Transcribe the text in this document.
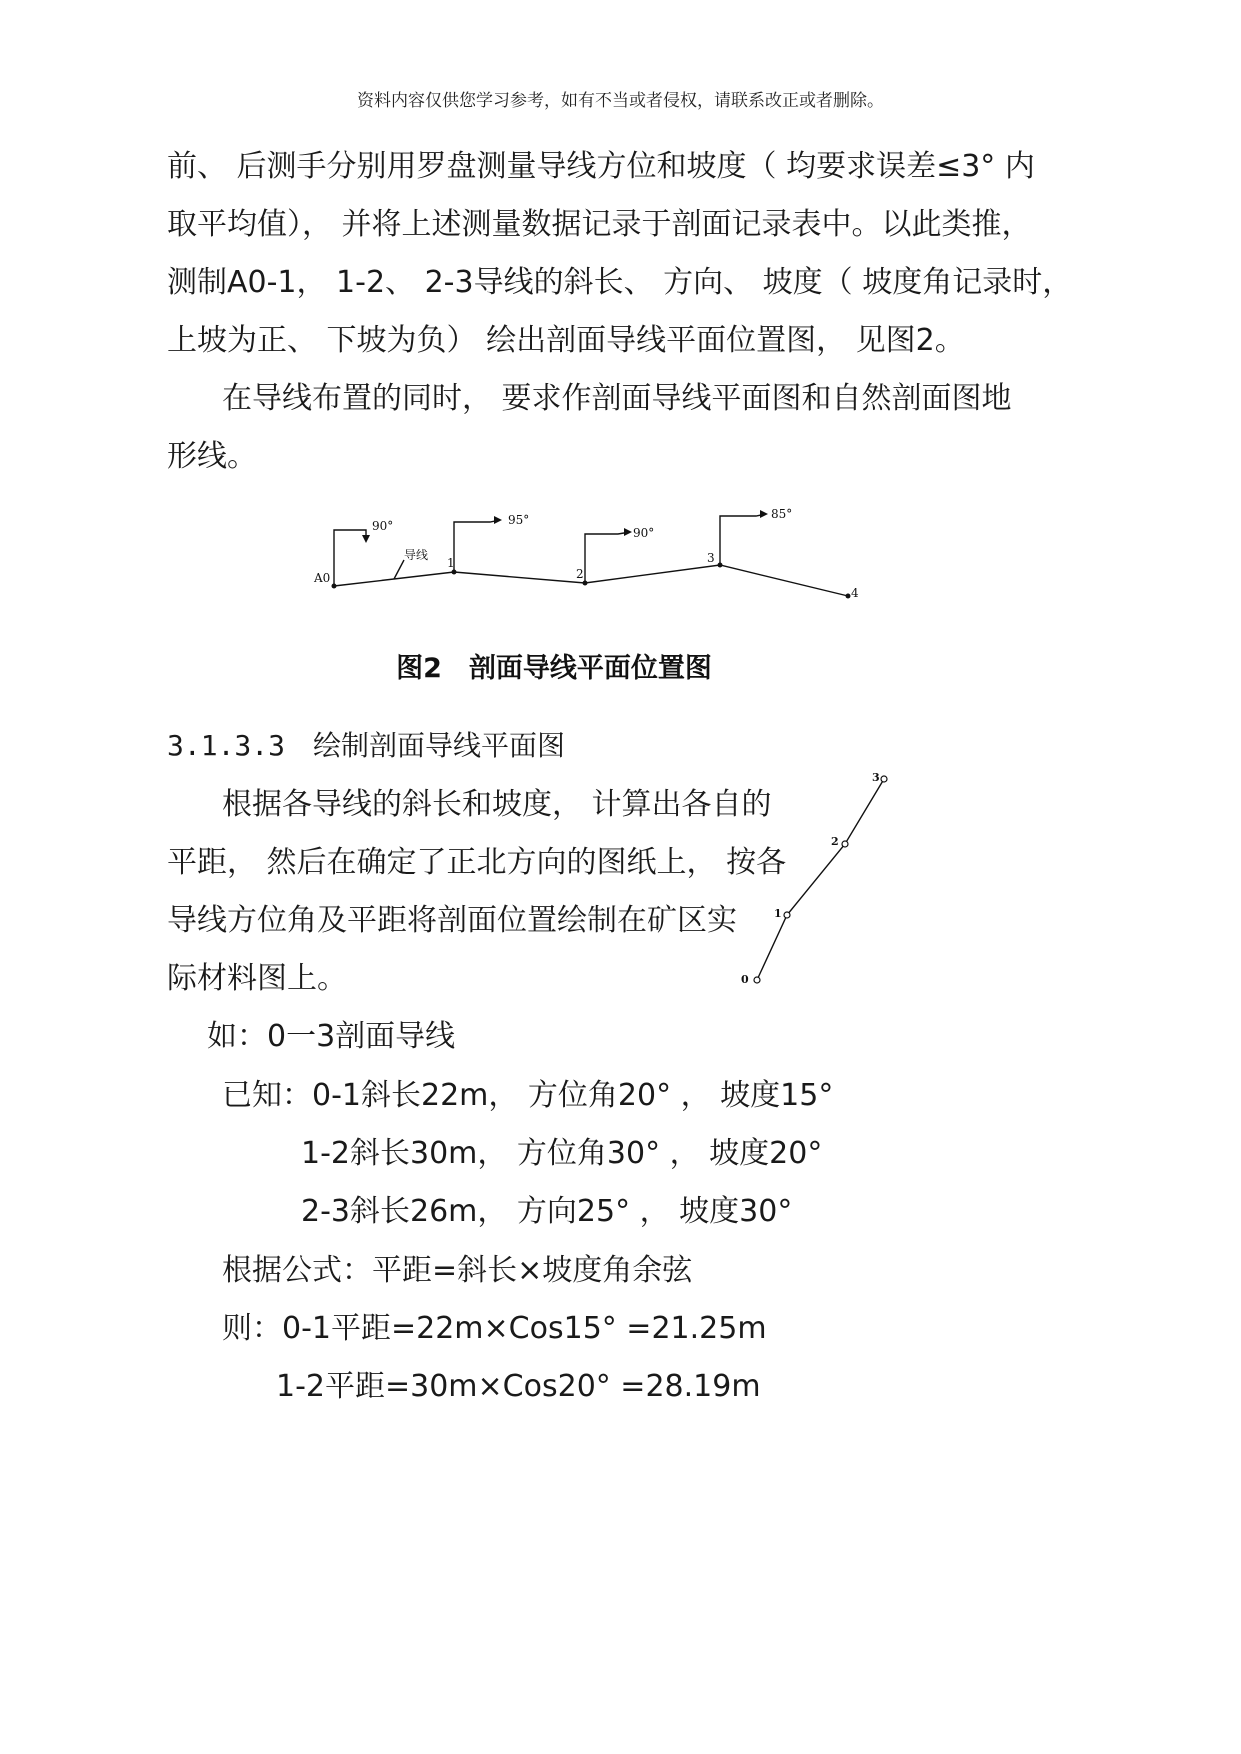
资料内容仅供您学习参考，如有不当或者侵权，请联系改正或者删除。
前、 后测手分别用罗盘测量导线方位和坡度（ 均要求误差≤3° 内
取平均值）， 并将上述测量数据记录于剖面记录表中。以此类推，
测制A0-1， 1-2、 2-3导线的斜长、 方向、 坡度（ 坡度角记录时，
上坡为正、 下坡为负） 绘出剖面导线平面位置图， 见图2。
在导线布置的同时， 要求作剖面导线平面图和自然剖面图地
形线。
A0
1
2
3
4
90°	95°
90°
85°
导线
图2　剖面导线平面位置图
3.1.3.3　绘制剖面导线平面图
根据各导线的斜长和坡度， 计算出各自的
平距， 然后在确定了正北方向的图纸上， 按各
导线方位角及平距将剖面位置绘制在矿区实
际材料图上。	0
1
2
3
如：0一3剖面导线
已知：0-1斜长22m， 方位角20° ， 坡度15°
1-2斜长30m， 方位角30° ， 坡度20°
2-3斜长26m， 方向25° ， 坡度30°
根据公式：平距=斜长×坡度角余弦
则：0-1平距=22m×Cos15° =21.25m
1-2平距=30m×Cos20° =28.19m
